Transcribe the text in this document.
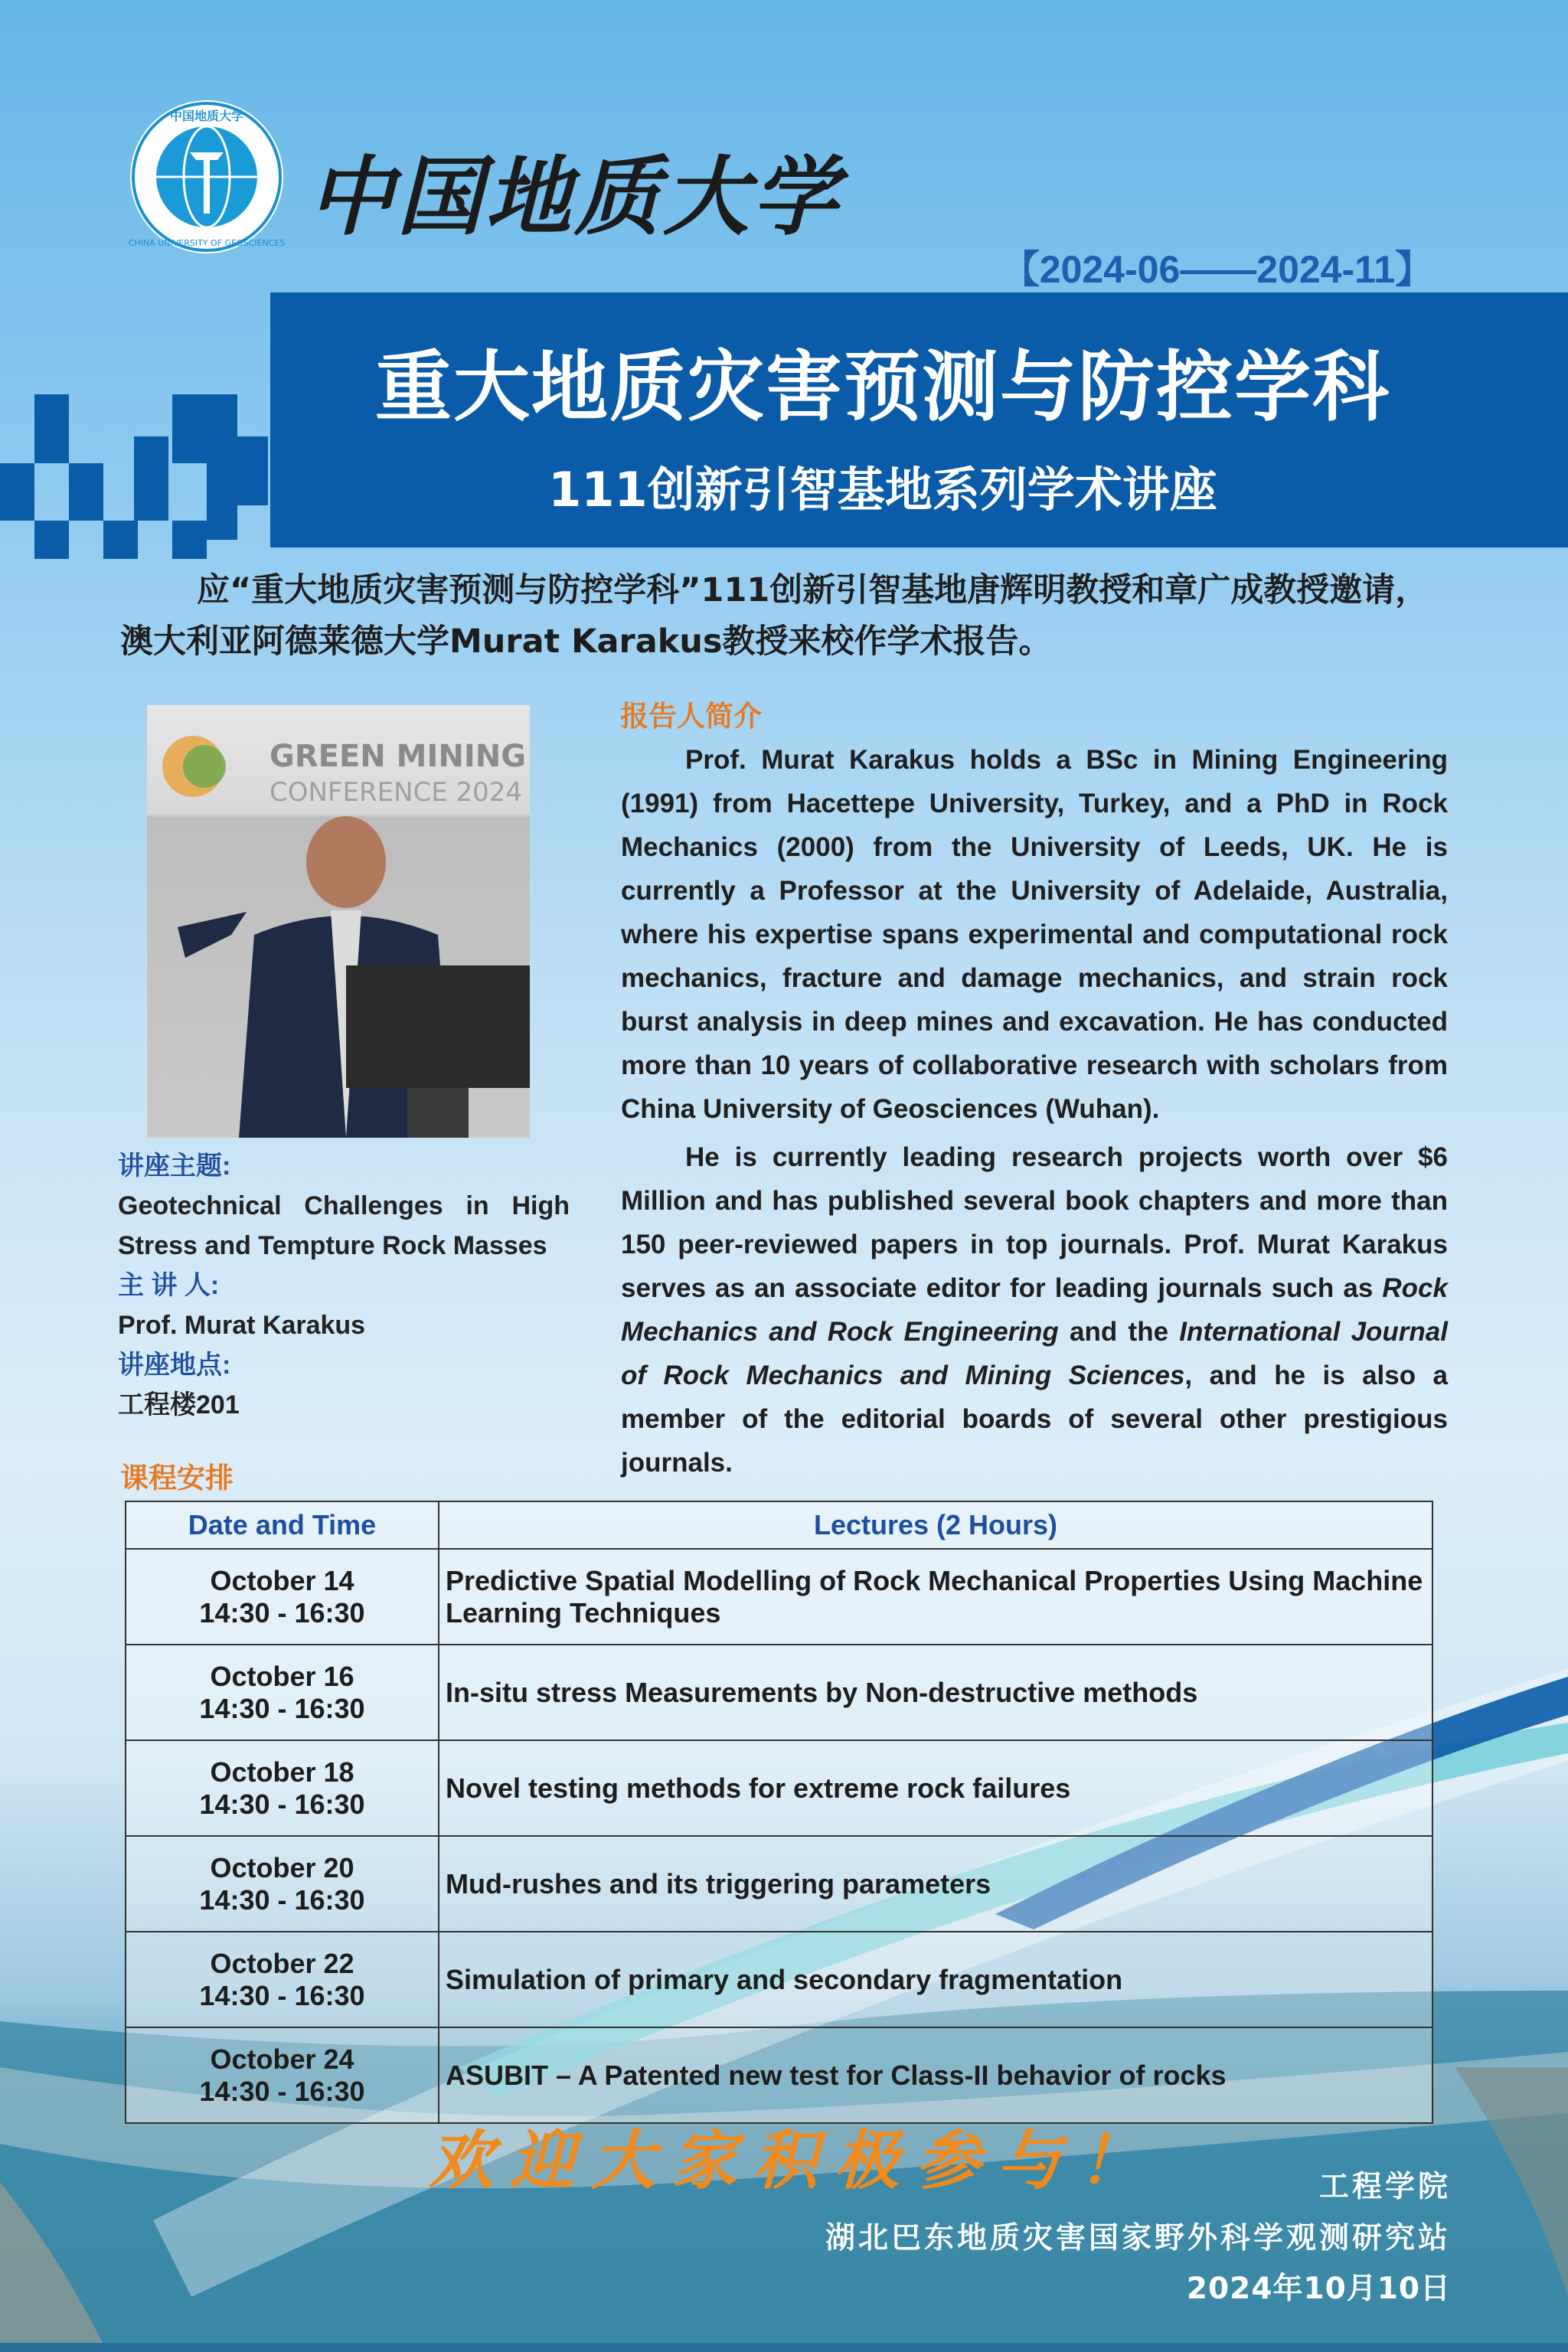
中国地质大学
CHINA UNIVERSITY OF GEOSCIENCES 中国地质大学
【2024-06——2024-11】
重大地质灾害预测与防控学科
111创新引智基地系列学术讲座
应“重大地质灾害预测与防控学科”111创新引智基地唐辉明教授和章广成教授邀请，澳大利亚阿德莱德大学Murat Karakus教授来校作学术报告。
GREEN MINING
CONFERENCE 2024
报告人简介

Prof. Murat Karakus holds a BSc in Mining Engineering (1991) from Hacettepe University, Turkey, and a PhD in Rock Mechanics (2000) from the University of Leeds, UK. He is currently a Professor at the University of Adelaide, Australia, where his expertise spans experimental and computational rock mechanics, fracture and damage mechanics, and strain rock burst analysis in deep mines and excavation. He has conducted more than 10 years of collaborative research with scholars from China University of Geosciences (Wuhan).

He is currently leading research projects worth over $6 Million and has published several book chapters and more than 150 peer-reviewed papers in top journals. Prof. Murat Karakus serves as an associate editor for leading journals such as Rock Mechanics and Rock Engineering and the International Journal of Rock Mechanics and Mining Sciences, and he is also a member of the editorial boards of several other prestigious journals.

讲座主题:
Geotechnical Challenges in High Stress and Tempture Rock Masses
主 讲 人:
Prof. Murat Karakus
讲座地点:
工程楼201
课程安排
Date and Time	Lectures (2 Hours)

October 14
14:30 - 16:30	Predictive Spatial Modelling of Rock Mechanical Properties Using Machine Learning Techniques

October 16
14:30 - 16:30	In-situ stress Measurements by Non-destructive methods

October 18
14:30 - 16:30	Novel testing methods for extreme rock failures

October 20
14:30 - 16:30	Mud-rushes and its triggering parameters

October 22
14:30 - 16:30	Simulation of primary and secondary fragmentation

October 24
14:30 - 16:30	ASUBIT – A Patented new test for Class-II behavior of rocks
欢迎大家积极参与！	工程学院
湖北巴东地质灾害国家野外科学观测研究站
2024年10月10日
